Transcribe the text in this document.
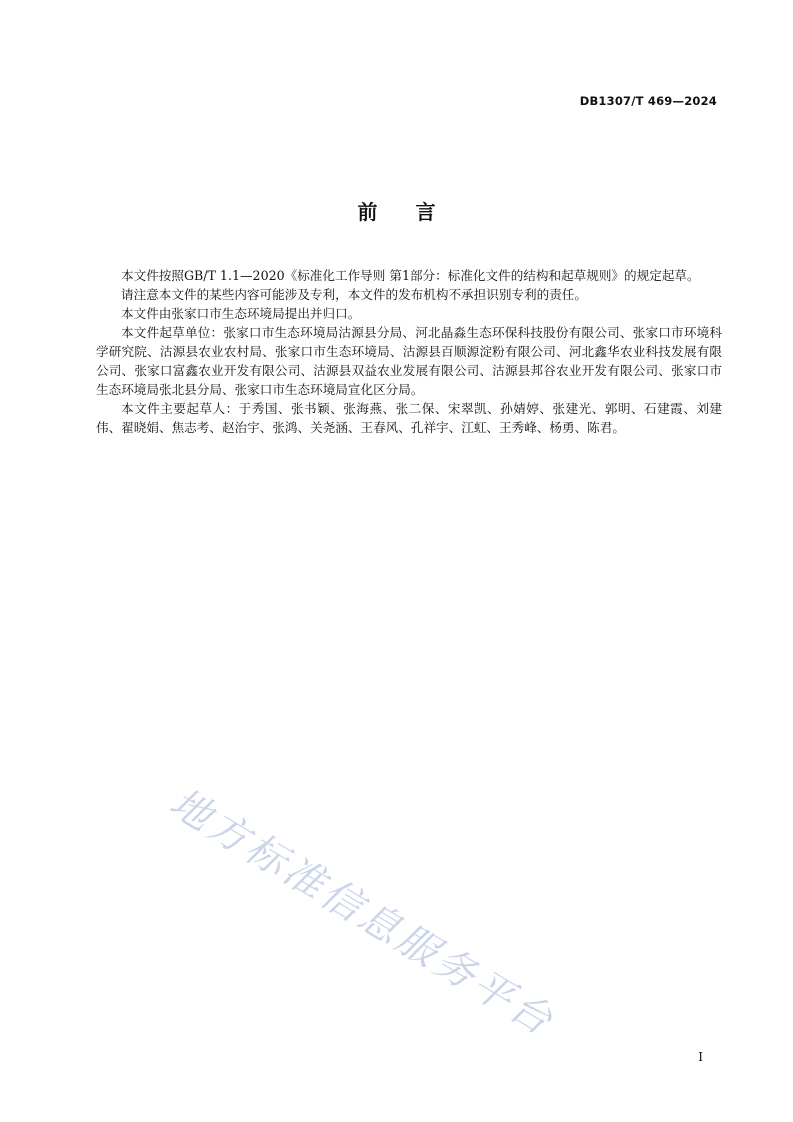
DB1307/T 469—2024
前言

本文件按照GB/T 1.1—2020《标准化工作导则 第1部分：标准化文件的结构和起草规则》的规定起草。

请注意本文件的某些内容可能涉及专利，本文件的发布机构不承担识别专利的责任。

本文件由张家口市生态环境局提出并归口。

本文件起草单位：张家口市生态环境局沽源县分局、河北晶淼生态环保科技股份有限公司、张家口市环境科学研究院、沽源县农业农村局、张家口市生态环境局、沽源县百顺源淀粉有限公司、河北鑫华农业科技发展有限公司、张家口富鑫农业开发有限公司、沽源县双益农业发展有限公司、沽源县邦谷农业开发有限公司、张家口市生态环境局张北县分局、张家口市生态环境局宣化区分局。

本文件主要起草人：于秀国、张书颖、张海燕、张二保、宋翠凯、孙婧婷、张建光、郭明、石建霞、刘建伟、翟晓娟、焦志考、赵治宇、张鸿、关尧涵、王春风、孔祥宇、江虹、王秀峰、杨勇、陈君。

地方标准信息服务平台
I
